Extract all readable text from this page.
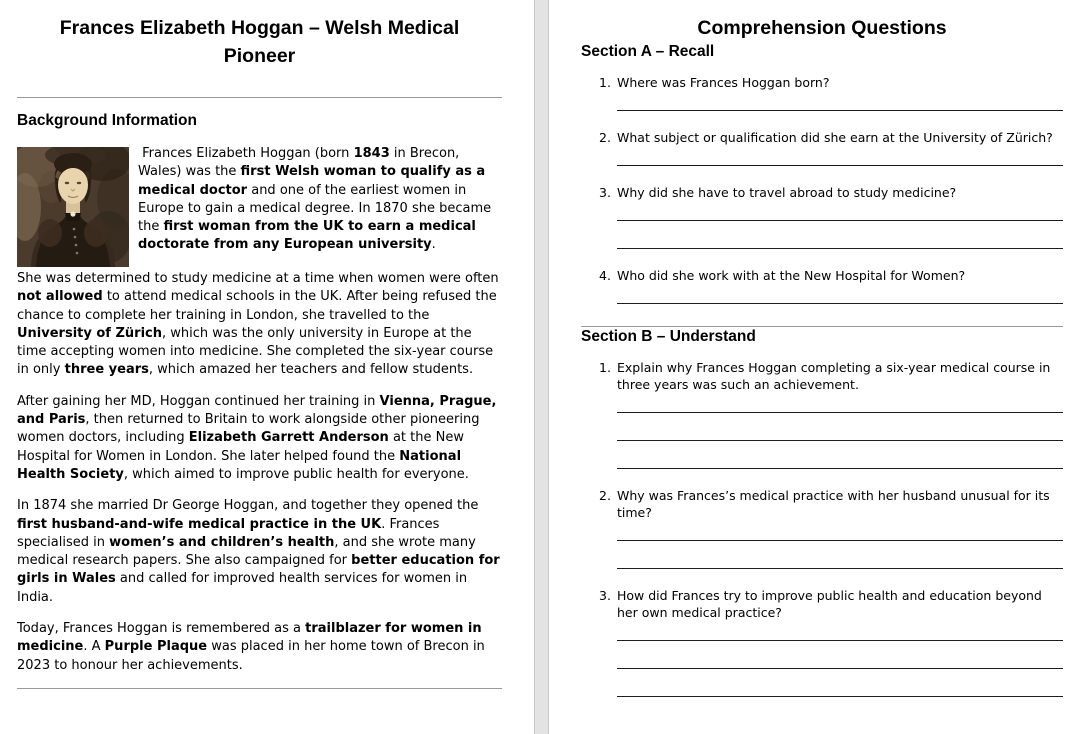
Frances Elizabeth Hoggan – Welsh Medical Pioneer
Background Information

Frances Elizabeth Hoggan (born 1843 in Brecon, Wales) was the first Welsh woman to qualify as a medical doctor and one of the earliest women in Europe to gain a medical degree. In 1870 she became the first woman from the UK to earn a medical doctorate from any European university.

She was determined to study medicine at a time when women were often not allowed to attend medical schools in the UK. After being refused the chance to complete her training in London, she travelled to the University of Zürich, which was the only university in Europe at the time accepting women into medicine. She completed the six-year course in only three years, which amazed her teachers and fellow students.

After gaining her MD, Hoggan continued her training in Vienna, Prague, and Paris, then returned to Britain to work alongside other pioneering women doctors, including Elizabeth Garrett Anderson at the New Hospital for Women in London. She later helped found the National Health Society, which aimed to improve public health for everyone.

In 1874 she married Dr George Hoggan, and together they opened the first husband-and-wife medical practice in the UK. Frances specialised in women’s and children’s health, and she wrote many medical research papers. She also campaigned for better education for girls in Wales and called for improved health services for women in India.

Today, Frances Hoggan is remembered as a trailblazer for women in medicine. A Purple Plaque was placed in her home town of Brecon in 2023 to honour her achievements.

Comprehension Questions
Section A – Recall
1. Where was Frances Hoggan born?
2. What subject or qualification did she earn at the University of Zürich?
3. Why did she have to travel abroad to study medicine?
4. Who did she work with at the New Hospital for Women?
Section B – Understand
1. Explain why Frances Hoggan completing a six-year medical course in three years was such an achievement.
2. Why was Frances’s medical practice with her husband unusual for its time?
3. How did Frances try to improve public health and education beyond her own medical practice?
